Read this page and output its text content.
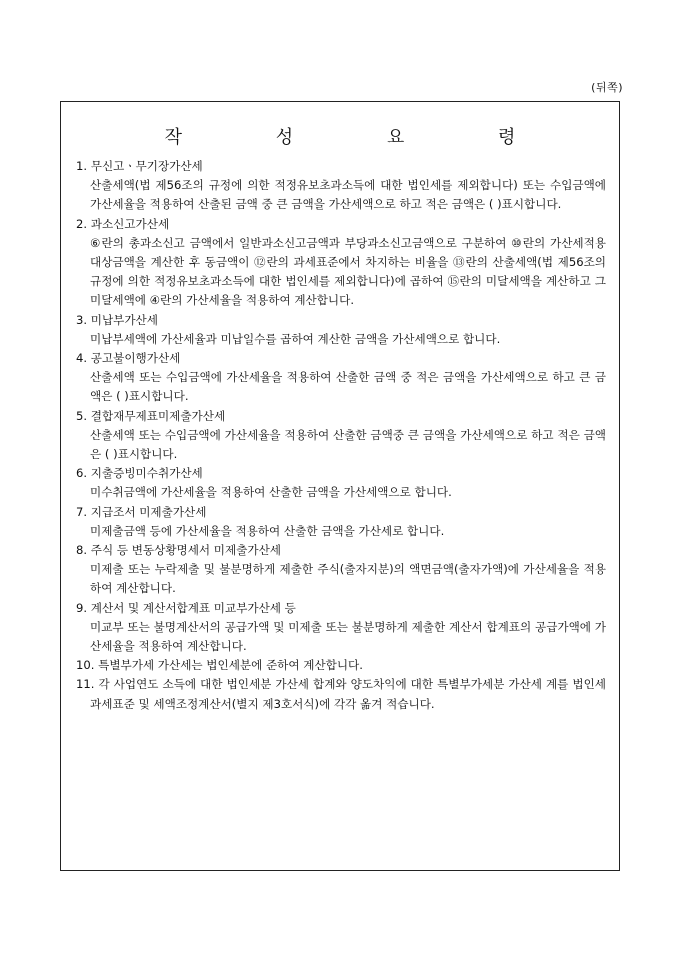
(뒤쪽)
작 성 요 령

1. 무신고ㆍ무기장가산세

산출세액(법 제56조의 규정에 의한 적정유보초과소득에 대한 법인세를 제외합니다) 또는 수입금액에 가산세율을 적용하여 산출된 금액 중 큰 금액을 가산세액으로 하고 적은 금액은 ( )표시합니다.

2. 과소신고가산세

⑥란의 총과소신고 금액에서 일반과소신고금액과 부당과소신고금액으로 구분하여 ⑩란의 가산세적용 대상금액을 계산한 후 동금액이 ⑫란의 과세표준에서 차지하는 비율을 ⑬란의 산출세액(법 제56조의 규정에 의한 적정유보초과소득에 대한 법인세를 제외합니다)에 곱하여 ⑮란의 미달세액을 계산하고 그 미달세액에 ④란의 가산세율을 적용하여 계산합니다.

3. 미납부가산세

미납부세액에 가산세율과 미납일수를 곱하여 계산한 금액을 가산세액으로 합니다.

4. 공고불이행가산세

산출세액 또는 수입금액에 가산세율을 적용하여 산출한 금액 중 적은 금액을 가산세액으로 하고 큰 금액은 ( )표시합니다.

5. 결합재무제표미제출가산세

산출세액 또는 수입금액에 가산세율을 적용하여 산출한 금액중 큰 금액을 가산세액으로 하고 적은 금액은 ( )표시합니다.

6. 지출증빙미수취가산세

미수취금액에 가산세율을 적용하여 산출한 금액을 가산세액으로 합니다.

7. 지급조서 미제출가산세

미제출금액 등에 가산세율을 적용하여 산출한 금액을 가산세로 합니다.

8. 주식 등 변동상황명세서 미제출가산세

미제출 또는 누락제출 및 불분명하게 제출한 주식(출자지분)의 액면금액(출자가액)에 가산세율을 적용하여 계산합니다.

9. 계산서 및 계산서합계표 미교부가산세 등

미교부 또는 불명계산서의 공급가액 및 미제출 또는 불분명하게 제출한 계산서 합계표의 공급가액에 가산세율을 적용하여 계산합니다.

10. 특별부가세 가산세는 법인세분에 준하여 계산합니다.

11. 각 사업연도 소득에 대한 법인세분 가산세 합계와 양도차익에 대한 특별부가세분 가산세 계를 법인세 과세표준 및 세액조정계산서(별지 제3호서식)에 각각 옮겨 적습니다.
